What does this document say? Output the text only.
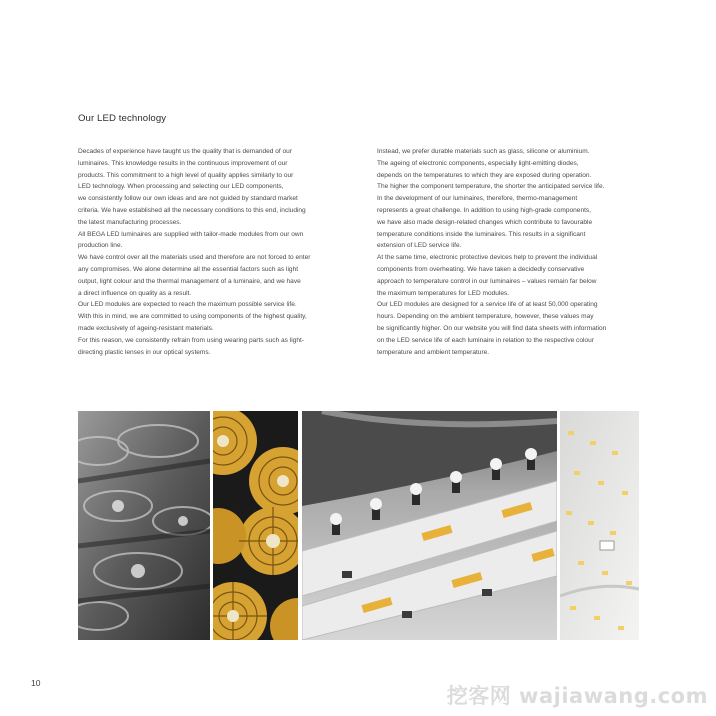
Our LED technology
Decades of experience have taught us the quality that is demanded of our
luminaires. This knowledge results in the continuous improvement of our
products. This commitment to a high level of quality applies similarly to our
LED technology. When processing and selecting our LED components,
we consistently follow our own ideas and are not guided by standard market
criteria. We have established all the necessary conditions to this end, including
the latest manufacturing processes.
All BEGA LED luminaires are supplied with tailor-made modules from our own
production line.
We have control over all the materials used and therefore are not forced to enter
any compromises. We alone determine all the essential factors such as light
output, light colour and the thermal management of a luminaire, and we have
a direct influence on quality as a result.
Our LED modules are expected to reach the maximum possible service life.
With this in mind, we are committed to using components of the highest quality,
made exclusively of ageing-resistant materials.
For this reason, we consistently refrain from using wearing parts such as light-
directing plastic lenses in our optical systems.
Instead, we prefer durable materials such as glass, silicone or aluminium.
The ageing of electronic components, especially light-emitting diodes,
depends on the temperatures to which they are exposed during operation.
The higher the component temperature, the shorter the anticipated service life.
In the development of our luminaires, therefore, thermo-management
represents a great challenge. In addition to using high-grade components,
we have also made design-related changes which contribute to favourable
temperature conditions inside the luminaires. This results in a significant
extension of LED service life.
At the same time, electronic protective devices help to prevent the individual
components from overheating. We have taken a decidedly conservative
approach to temperature control in our luminaires – values remain far below
the maximum temperatures for LED modules.
Our LED modules are designed for a service life of at least 50,000 operating
hours. Depending on the ambient temperature, however, these values may
be significantly higher. On our website you will find data sheets with information
on the LED service life of each luminaire in relation to the respective colour
temperature and ambient temperature.
10
挖客网 wajiawang.com
